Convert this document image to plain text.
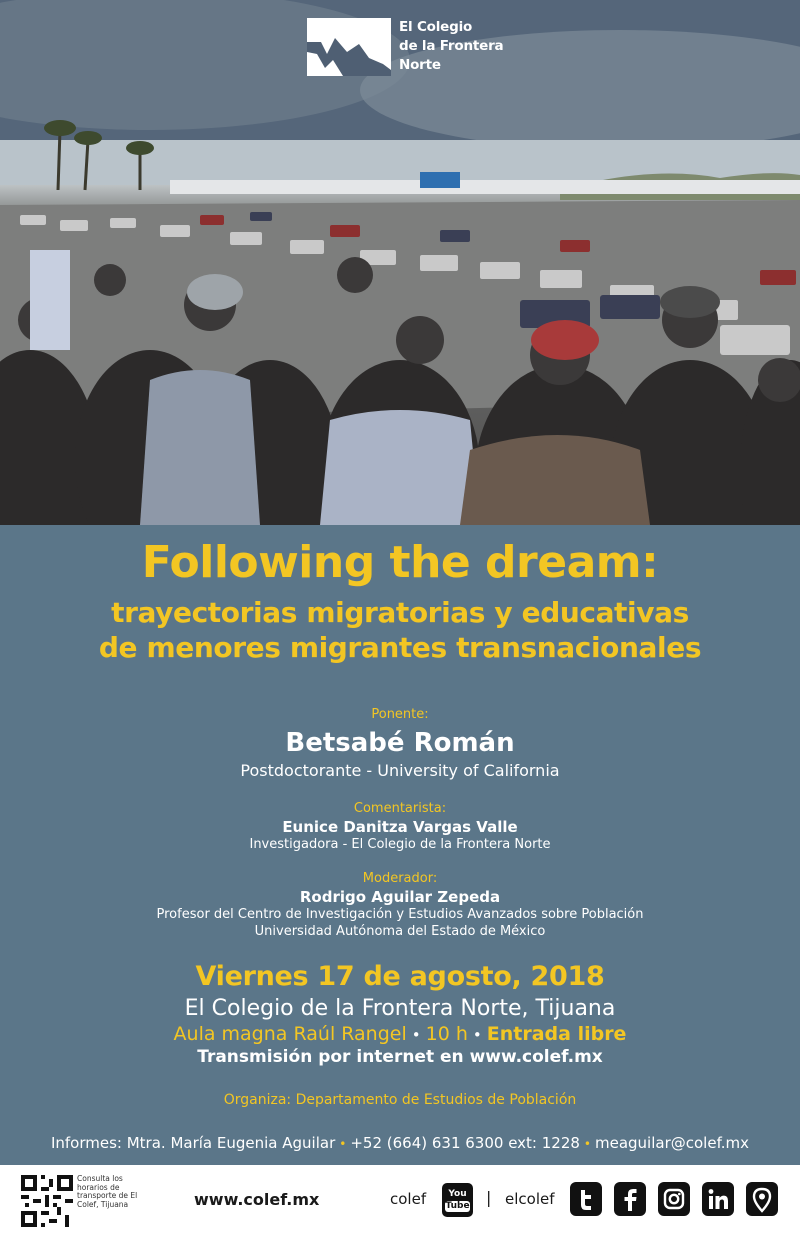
El Colegio
de la Frontera
Norte
Following the dream:
trayectorias migratorias y educativas
de menores migrantes transnacionales
Ponente:
Betsabé Román
Postdoctorante - University of California
Comentarista:
Eunice Danitza Vargas Valle
Investigadora - El Colegio de la Frontera Norte
Moderador:
Rodrigo Aguilar Zepeda
Profesor del Centro de Investigación y Estudios Avanzados sobre Población
Universidad Autónoma del Estado de México
Viernes 17 de agosto, 2018
El Colegio de la Frontera Norte, Tijuana
Aula magna Raúl Rangel • 10 h • Entrada libre
Transmisión por internet en www.colef.mx
Organiza: Departamento de Estudios de Población
Informes: Mtra. María Eugenia Aguilar • +52 (664) 631 6300 ext: 1228 • meaguilar@colef.mx
Consulta los horarios de transporte de El Colef, Tijuana	www.colef.mx	colef	You
Tube | elcolef
